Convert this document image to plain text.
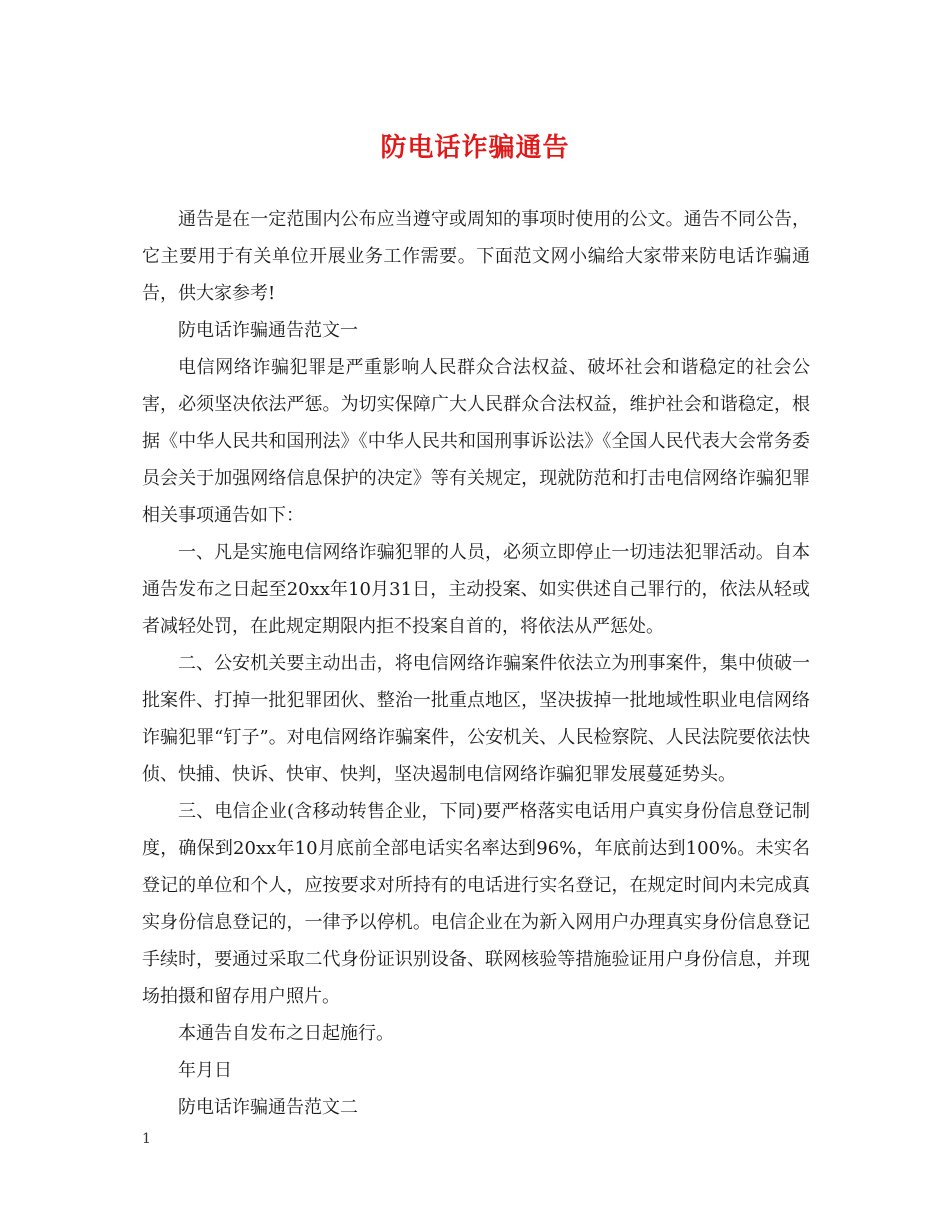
防电话诈骗通告

通告是在一定范围内公布应当遵守或周知的事项时使用的公文。通告不同公告，它主要用于有关单位开展业务工作需要。下面范文网小编给大家带来防电话诈骗通告，供大家参考!

防电话诈骗通告范文一

电信网络诈骗犯罪是严重影响人民群众合法权益、破坏社会和谐稳定的社会公害，必须坚决依法严惩。为切实保障广大人民群众合法权益，维护社会和谐稳定，根据《中华人民共和国刑法》《中华人民共和国刑事诉讼法》《全国人民代表大会常务委员会关于加强网络信息保护的决定》等有关规定，现就防范和打击电信网络诈骗犯罪相关事项通告如下：

一、凡是实施电信网络诈骗犯罪的人员，必须立即停止一切违法犯罪活动。自本通告发布之日起至20xx年10月31日，主动投案、如实供述自己罪行的，依法从轻或者减轻处罚，在此规定期限内拒不投案自首的，将依法从严惩处。

二、公安机关要主动出击，将电信网络诈骗案件依法立为刑事案件，集中侦破一批案件、打掉一批犯罪团伙、整治一批重点地区，坚决拔掉一批地域性职业电信网络诈骗犯罪“钉子”。对电信网络诈骗案件，公安机关、人民检察院、人民法院要依法快侦、快捕、快诉、快审、快判，坚决遏制电信网络诈骗犯罪发展蔓延势头。

三、电信企业(含移动转售企业，下同)要严格落实电话用户真实身份信息登记制度，确保到20xx年10月底前全部电话实名率达到96%，年底前达到100%。未实名登记的单位和个人，应按要求对所持有的电话进行实名登记，在规定时间内未完成真实身份信息登记的，一律予以停机。电信企业在为新入网用户办理真实身份信息登记手续时，要通过采取二代身份证识别设备、联网核验等措施验证用户身份信息，并现场拍摄和留存用户照片。

本通告自发布之日起施行。

年月日

防电话诈骗通告范文二

1
